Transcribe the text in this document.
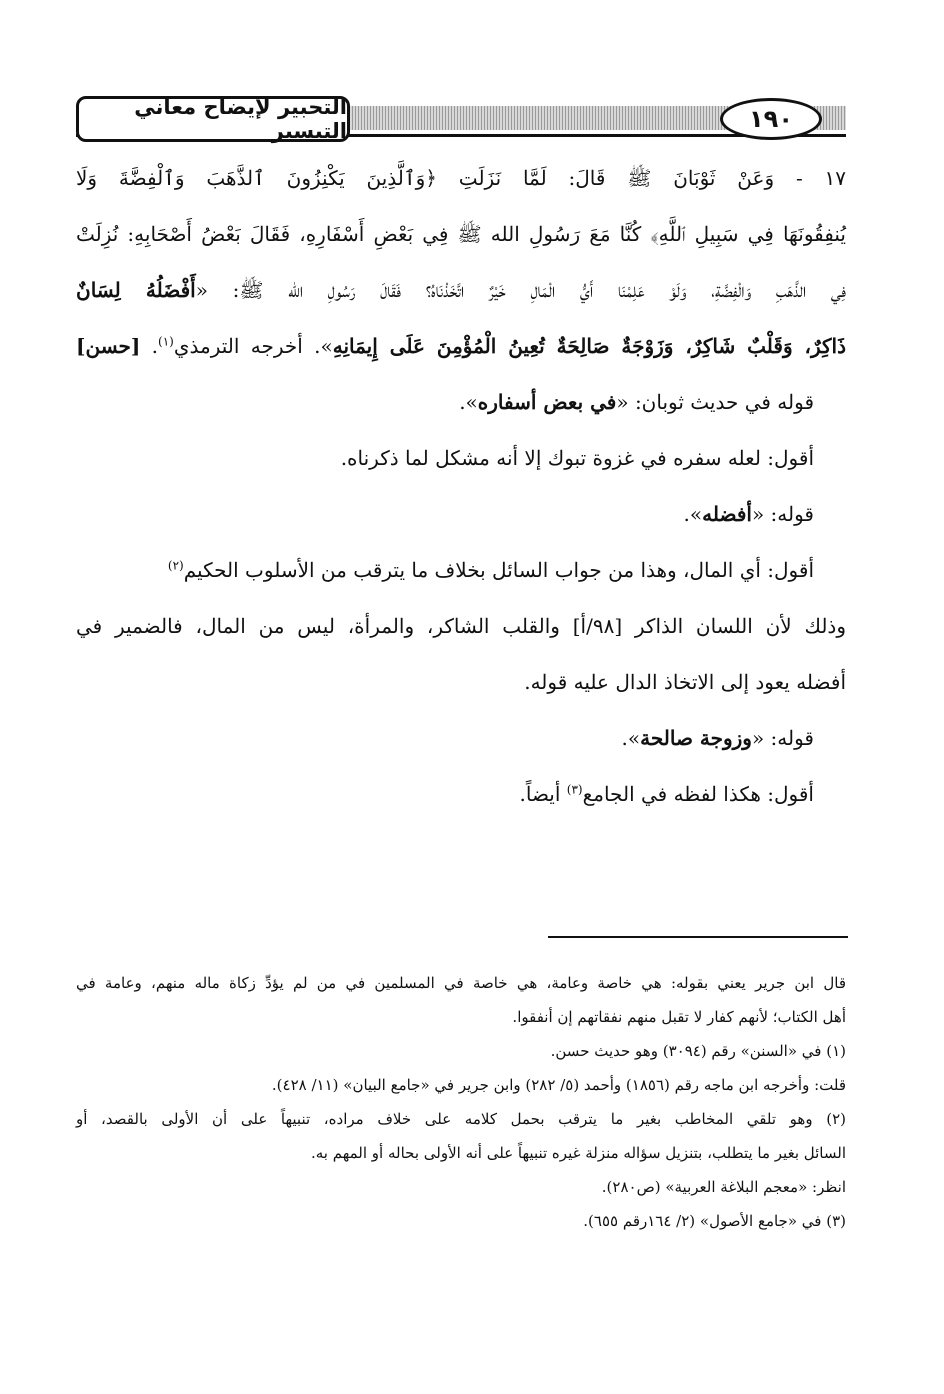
التحبير لإيضاح معاني التيسير	١٩٠

١٧ - وَعَنْ ثَوْبَانَ ﷺ قَالَ: لَمَّا نَزَلَتِ ﴿وَٱلَّذِينَ يَكْنِزُونَ ٱلذَّهَبَ وَٱلْفِضَّةَ وَلَا

يُنفِقُونَهَا فِي سَبِيلِ ٱللَّهِ﴾ كُنَّا مَعَ رَسُولِ الله ﷺ فِي بَعْضِ أَسْفَارِهِ، فَقَالَ بَعْضُ أَصْحَابِهِ: نُزِلَتْ

فِي الذَّهَبِ وَالْفِضَّةِ، وَلَوْ عَلِمْنَا أَيُّ الْمَالِ خَيْرٌ اتَّخَذْنَاهُ؟ فَقَالَ رَسُولِ الله ﷺ: «أَفْضَلُهُ لِسَانٌ

ذَاكِرٌ، وَقَلْبٌ شَاكِرٌ، وَزَوْجَةٌ صَالِحَةٌ تُعِينُ الْمُؤْمِنَ عَلَى إِيمَانِهِ». أخرجه الترمذي$^{(١)}$. [حسن]

قوله في حديث ثوبان: «في بعض أسفاره».

أقول: لعله سفره في غزوة تبوك إلا أنه مشكل لما ذكرناه.

قوله: «أفضله».

أقول: أي المال، وهذا من جواب السائل بخلاف ما يترقب من الأسلوب الحكيم$^{(٢)}$

وذلك لأن اللسان الذاكر [٩٨/أ] والقلب الشاكر، والمرأة، ليس من المال، فالضمير في

أفضله يعود إلى الاتخاذ الدال عليه قوله.

قوله: «وزوجة صالحة».

أقول: هكذا لفظه في الجامع$^{(٣)}$ أيضاً.

قال ابن جرير يعني بقوله: هي خاصة وعامة، هي خاصة في المسلمين في من لم يؤدِّ زكاة ماله منهم، وعامة في

أهل الكتاب؛ لأنهم كفار لا تقبل منهم نفقاتهم إن أنفقوا.

(١) في «السنن» رقم (٣٠٩٤) وهو حديث حسن.

قلت: وأخرجه ابن ماجه رقم (١٨٥٦) وأحمد (٥/ ٢٨٢) وابن جرير في «جامع البيان» (١١/ ٤٢٨).

(٢) وهو تلقي المخاطب بغير ما يترقب بحمل كلامه على خلاف مراده، تنبيهاً على أن الأولى بالقصد، أو

السائل بغير ما يتطلب، بتنزيل سؤاله منزلة غيره تنبيهاً على أنه الأولى بحاله أو المهم به.

انظر: «معجم البلاغة العربية» (ص٢٨٠).

(٣) في «جامع الأصول» (٢/ ١٦٤رقم ٦٥٥).
